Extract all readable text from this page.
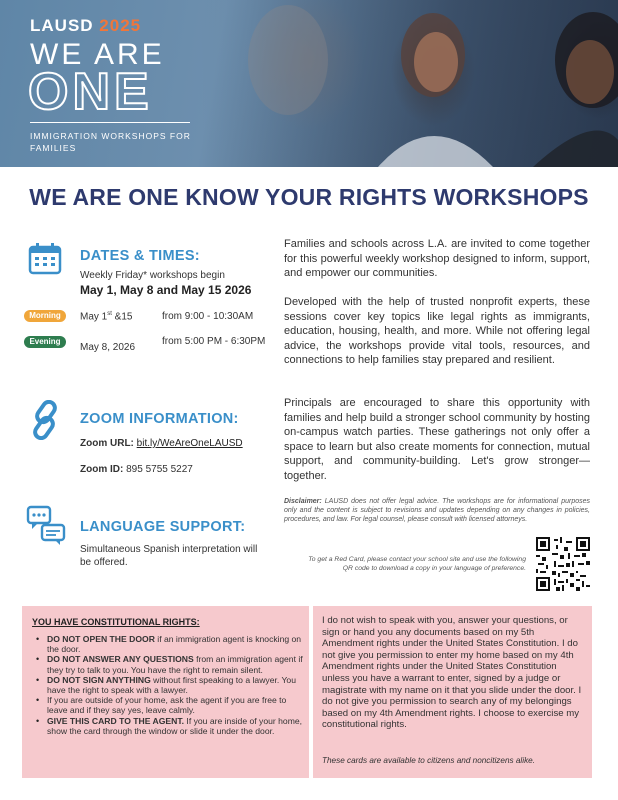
LAUSD 2025
WE ARE
ONE
IMMIGRATION WORKSHOPS FOR FAMILIES
WE ARE ONE KNOW YOUR RIGHTS WORKSHOPS
DATES & TIMES:
Weekly Friday* workshops begin
May 1, May 8 and May 15 2026
Morning	May 1st &15	from 9:00 - 10:30AM
Evening
May 8, 2026
from 5:00 PM - 6:30PM
ZOOM INFORMATION:
Zoom URL: bit.ly/WeAreOneLAUSD
Zoom ID: 895 5755 5227
LANGUAGE SUPPORT:
Simultaneous Spanish interpretation will be offered.

Families and schools across L.A. are invited to come together for this powerful weekly workshop designed to inform, support, and empower our communities.

Developed with the help of trusted nonprofit experts, these sessions cover key topics like legal rights as immigrants, education, housing, health, and more. While not offering legal advice, the workshops provide vital tools, resources, and connections to help families stay prepared and resilient.

Principals are encouraged to share this opportunity with families and help build a stronger school community by hosting on-campus watch parties. These gatherings not only offer a space to learn but also create moments for connection, mutual support, and community-building. Let's grow stronger—together.

Disclaimer: LAUSD does not offer legal advice. The workshops are for informational purposes only and the content is subject to revisions and updates depending on any changes in policies, procedures, and law. For legal counsel, please consult with licensed attorneys.

To get a Red Card, please contact your school site and use the following QR code to download a copy in your language of preference.

YOU HAVE CONSTITUTIONAL RIGHTS:
• DO NOT OPEN THE DOOR if an immigration agent is knocking on the door.
• DO NOT ANSWER ANY QUESTIONS from an immigration agent if they try to talk to you. You have the right to remain silent.
• DO NOT SIGN ANYTHING without first speaking to a lawyer. You have the right to speak with a lawyer.
• If you are outside of your home, ask the agent if you are free to leave and if they say yes, leave calmly.
• GIVE THIS CARD TO THE AGENT. If you are inside of your home, show the card through the window or slide it under the door.
I do not wish to speak with you, answer your questions, or sign or hand you any documents based on my 5th Amendment rights under the United States Constitution. I do not give you permission to enter my home based on my 4th Amendment rights under the United States Constitution unless you have a warrant to enter, signed by a judge or magistrate with my name on it that you slide under the door. I do not give you permission to search any of my belongings based on my 4th Amendment rights. I choose to exercise my constitutional rights.
These cards are available to citizens and noncitizens alike.
